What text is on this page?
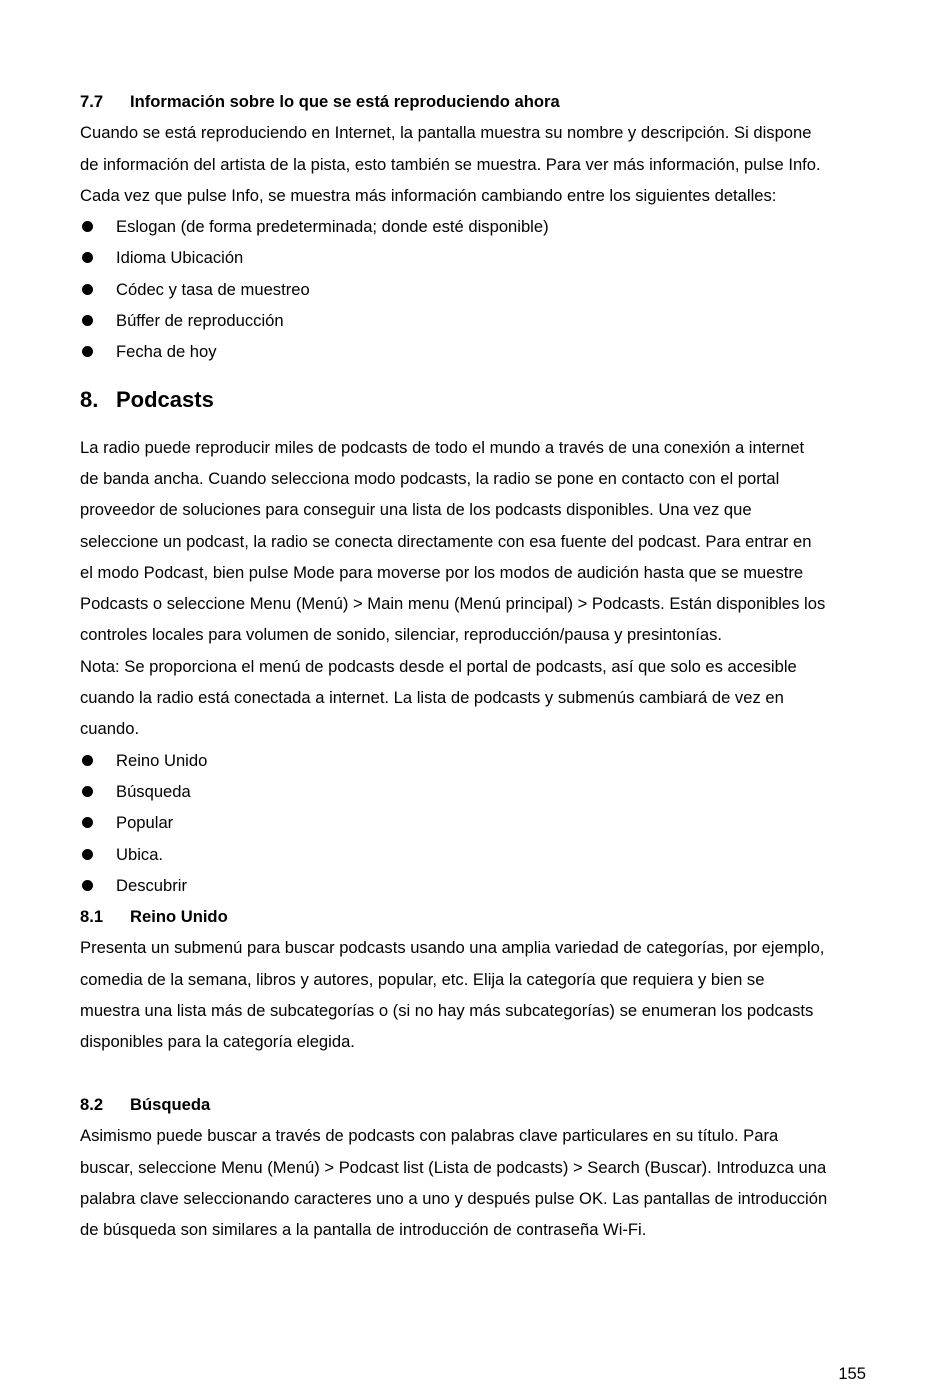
7.7 Información sobre lo que se está reproduciendo ahora
Cuando se está reproduciendo en Internet, la pantalla muestra su nombre y descripción. Si dispone
de información del artista de la pista, esto también se muestra. Para ver más información, pulse Info.
Cada vez que pulse Info, se muestra más información cambiando entre los siguientes detalles:
Eslogan (de forma predeterminada; donde esté disponible)
Idioma Ubicación
Códec y tasa de muestreo
Búffer de reproducción
Fecha de hoy
8. Podcasts
La radio puede reproducir miles de podcasts de todo el mundo a través de una conexión a internet
de banda ancha. Cuando selecciona modo podcasts, la radio se pone en contacto con el portal
proveedor de soluciones para conseguir una lista de los podcasts disponibles. Una vez que
seleccione un podcast, la radio se conecta directamente con esa fuente del podcast. Para entrar en
el modo Podcast, bien pulse Mode para moverse por los modos de audición hasta que se muestre
Podcasts o seleccione Menu (Menú) > Main menu (Menú principal) > Podcasts. Están disponibles los
controles locales para volumen de sonido, silenciar, reproducción/pausa y presintonías.
Nota: Se proporciona el menú de podcasts desde el portal de podcasts, así que solo es accesible
cuando la radio está conectada a internet. La lista de podcasts y submenús cambiará de vez en
cuando.
Reino Unido
Búsqueda
Popular
Ubica.
Descubrir
8.1 Reino Unido
Presenta un submenú para buscar podcasts usando una amplia variedad de categorías, por ejemplo,
comedia de la semana, libros y autores, popular, etc. Elija la categoría que requiera y bien se
muestra una lista más de subcategorías o (si no hay más subcategorías) se enumeran los podcasts
disponibles para la categoría elegida.
8.2 Búsqueda
Asimismo puede buscar a través de podcasts con palabras clave particulares en su título. Para
buscar, seleccione Menu (Menú) > Podcast list (Lista de podcasts) > Search (Buscar). Introduzca una
palabra clave seleccionando caracteres uno a uno y después pulse OK. Las pantallas de introducción
de búsqueda son similares a la pantalla de introducción de contraseña Wi-Fi.
155
